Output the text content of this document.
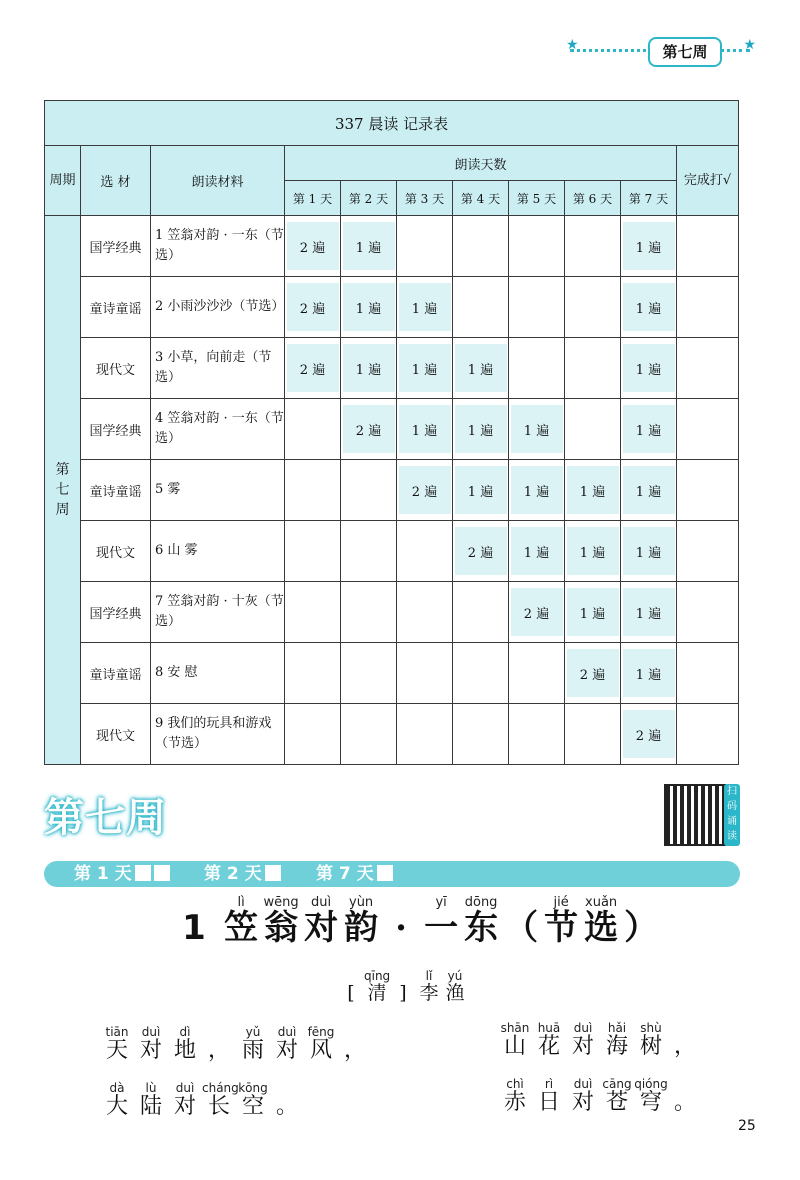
★	★
第七周
337 晨读 记录表										
周期	选 材	朗读材料	朗读天数							完成打√
			第 1 天	第 2 天	第 3 天	第 4 天	第 5 天	第 6 天	第 7 天	
第七周	国学经典	1 笠翁对韵 · 一东（节选）	2 遍	1 遍					1 遍	

	童诗童谣	2 小雨沙沙沙（节选）	2 遍	1 遍	1 遍				1 遍	

	现代文	3 小草，向前走（节选）	2 遍	1 遍	1 遍	1 遍			1 遍	

	国学经典	4 笠翁对韵 · 一东（节选）		2 遍	1 遍	1 遍	1 遍		1 遍	

	童诗童谣	5 雾			2 遍	1 遍	1 遍	1 遍	1 遍	

	现代文	6 山 雾				2 遍	1 遍	1 遍	1 遍	

	国学经典	7 笠翁对韵 · 十灰（节选）					2 遍	1 遍	1 遍	

	童诗童谣	8 安 慰						2 遍	1 遍	

	现代文	9 我们的玩具和游戏（节选）							2 遍	

第七周
扫码诵读
第 1 天	第 2 天	第 7 天
1

lì
笠
wēng
翁
duì
对
yùn
韵 ·
yī
一
dōng
东 （
jié
节
xuǎn
选 ）
[
qīng
清 ]
lǐ
李
yú
渔
tiān
天
duì
对
dì
地 ，
yǔ
雨
duì
对
fēng
风 ，
shān
山
huā
花
duì
对
hǎi
海
shù
树 ，
dà
大
lù
陆
duì
对
cháng
长
kōng
空 。
chì
赤
rì
日
duì
对
cāng
苍
qióng
穹 。
25
